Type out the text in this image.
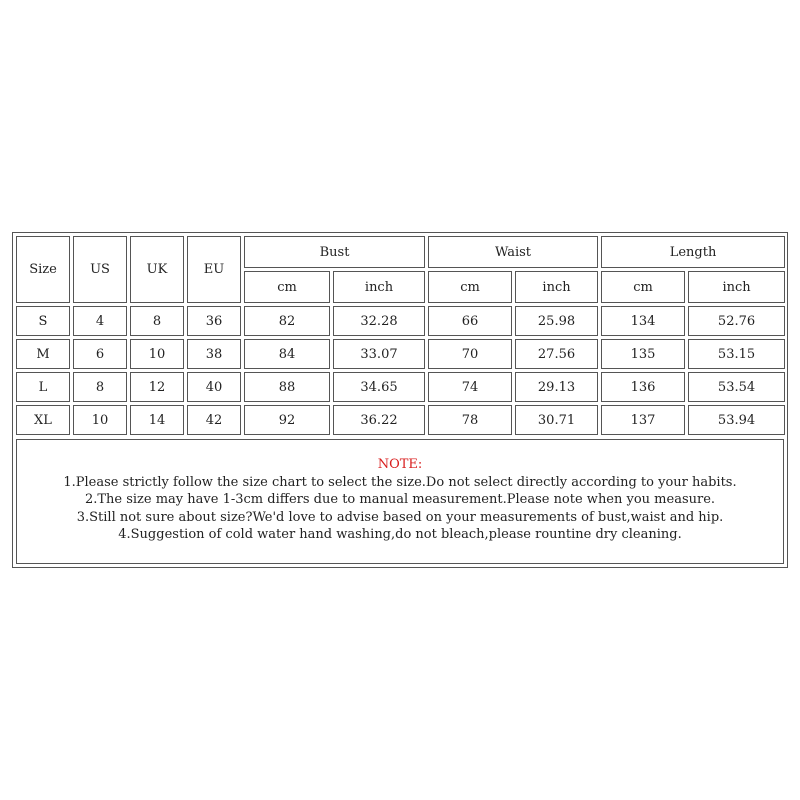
Size	US	UK	EU	Bust		Waist		Length	
				cm	inch	cm	inch	cm	inch
S	4	8	36	82	32.28	66	25.98	134	52.76
M	6	10	38	84	33.07	70	27.56	135	53.15
L	8	12	40	88	34.65	74	29.13	136	53.54
XL	10	14	42	92	36.22	78	30.71	137	53.94

NOTE:

1.Please strictly follow the size chart to select the size.Do not select directly according to your habits.

2.The size may have 1-3cm differs due to manual measurement.Please note when you measure.

3.Still not sure about size?We'd love to advise based on your measurements of bust,waist and hip.

4.Suggestion of cold water hand washing,do not bleach,please rountine dry cleaning.
